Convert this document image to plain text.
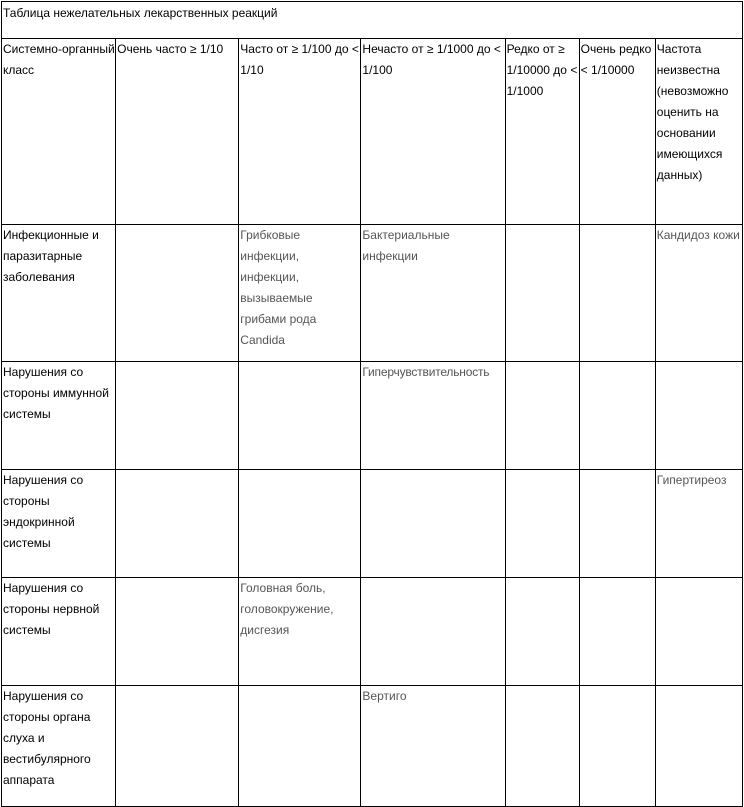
Таблица нежелательных лекарственных реакций						
Системно-органный класс	Очень часто ≥ 1/10	Часто от ≥ 1/100 до < 1/10	Нечасто от ≥ 1/1000 до < 1/100	Редко от ≥ 1/10000 до < 1/1000	Очень редко < 1/10000	Частота неизвестна (невозможно оценить на основании имеющихся данных)
Инфекционные и паразитарные заболевания		Грибковые инфекции, инфекции, вызываемые грибами рода Candida	Бактериальные инфекции			Кандидоз кожи
Нарушения со стороны иммунной системы			Гиперчувствительность			
Нарушения со стороны эндокринной системы						Гипертиреоз
Нарушения со стороны нервной системы		Головная боль, головокружение, дисгезия				
Нарушения со стороны органа слуха и вестибулярного аппарата			Вертиго			
